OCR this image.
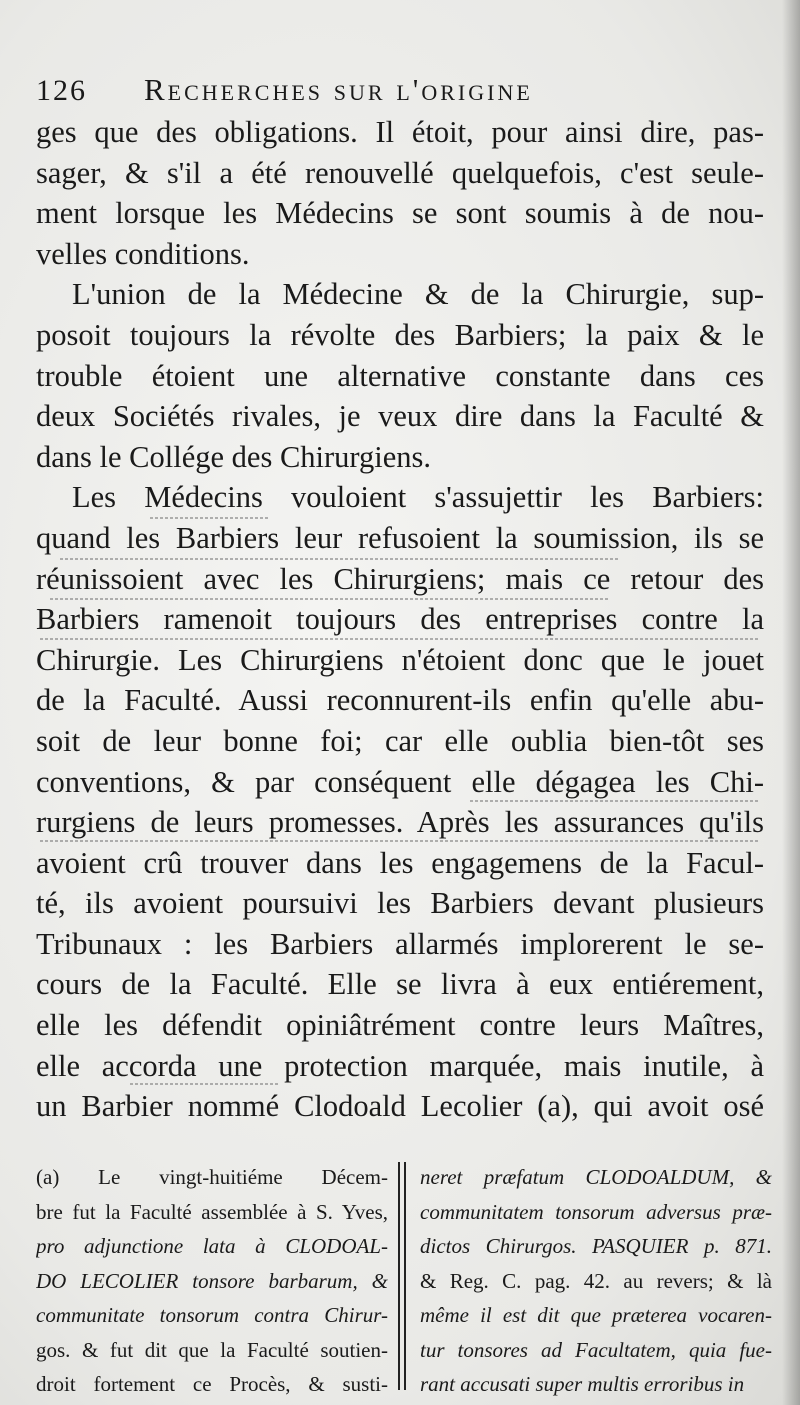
126 Recherches sur l'origine
ges que des obligations. Il étoit, pour ainsi dire, pas-
sager, & s'il a été renouvellé quelquefois, c'est seule-
ment lorsque les Médecins se sont soumis à de nou-
velles conditions.
L'union de la Médecine & de la Chirurgie, sup-
posoit toujours la révolte des Barbiers; la paix & le
trouble étoient une alternative constante dans ces
deux Sociétés rivales, je veux dire dans la Faculté &
dans le Collége des Chirurgiens.
Les Médecins vouloient s'assujettir les Barbiers:
quand les Barbiers leur refusoient la soumission, ils se
réunissoient avec les Chirurgiens; mais ce retour des
Barbiers ramenoit toujours des entreprises contre la
Chirurgie. Les Chirurgiens n'étoient donc que le jouet
de la Faculté. Aussi reconnurent-ils enfin qu'elle abu-
soit de leur bonne foi; car elle oublia bien-tôt ses
conventions, & par conséquent elle dégagea les Chi-
rurgiens de leurs promesses. Après les assurances qu'ils
avoient crû trouver dans les engagemens de la Facul-
té, ils avoient poursuivi les Barbiers devant plusieurs
Tribunaux : les Barbiers allarmés implorerent le se-
cours de la Faculté. Elle se livra à eux entiérement,
elle les défendit opiniâtrément contre leurs Maîtres,
elle accorda une protection marquée, mais inutile, à
un Barbier nommé Clodoald Lecolier (a), qui avoit osé
(a) Le vingt-huitiéme Décem-
bre fut la Faculté assemblée à S. Yves,
pro adjunctione lata à CLODOAL-
DO LECOLIER tonsore barbarum, &
communitate tonsorum contra Chirur-
gos. & fut dit que la Faculté soutien-
droit fortement ce Procès, & susti-
neret præfatum CLODOALDUM, &
communitatem tonsorum adversus præ-
dictos Chirurgos. PASQUIER p. 871.
& Reg. C. pag. 42. au revers; & là
même il est dit que præterea vocaren-
tur tonsores ad Facultatem, quia fue-
rant accusati super multis erroribus in
